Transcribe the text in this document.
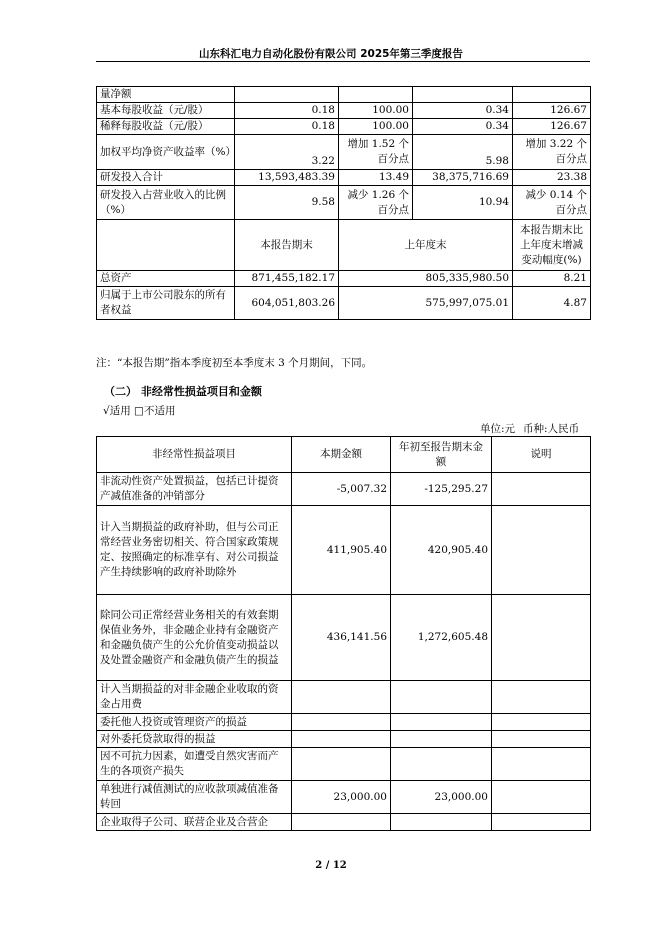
山东科汇电力自动化股份有限公司 2025年第三季度报告
量净额				
基本每股收益（元/股）	0.18	100.00	0.34	126.67
稀释每股收益（元/股）	0.18	100.00	0.34	126.67
加权平均净资产收益率（%）	3.22	增加 1.52 个百分点	5.98	增加 3.22 个百分点
研发投入合计	13,593,483.39	13.49	38,375,716.69	23.38
研发投入占营业收入的比例（%）	9.58	减少 1.26 个百分点	10.94	减少 0.14 个百分点
	本报告期末	上年度末		本报告期末比上年度末增减变动幅度(%)
总资产	871,455,182.17	805,335,980.50		8.21
归属于上市公司股东的所有者权益	604,051,803.26	575,997,075.01		4.87
注：“本报告期”指本季度初至本季度末 3 个月期间，下同。
（二） 非经常性损益项目和金额
√适用 □不适用
单位:元 币种:人民币
非经常性损益项目	本期金额	年初至报告期末金额	说明
非流动性资产处置损益，包括已计提资产减值准备的冲销部分	-5,007.32	-125,295.27	
计入当期损益的政府补助，但与公司正常经营业务密切相关、符合国家政策规定、按照确定的标准享有、对公司损益产生持续影响的政府补助除外	411,905.40	420,905.40	
除同公司正常经营业务相关的有效套期保值业务外，非金融企业持有金融资产和金融负债产生的公允价值变动损益以及处置金融资产和金融负债产生的损益	436,141.56	1,272,605.48	
计入当期损益的对非金融企业收取的资金占用费			
委托他人投资或管理资产的损益			
对外委托贷款取得的损益			
因不可抗力因素，如遭受自然灾害而产生的各项资产损失			
单独进行减值测试的应收款项减值准备转回	23,000.00	23,000.00	
企业取得子公司、联营企业及合营企			
2 / 12
